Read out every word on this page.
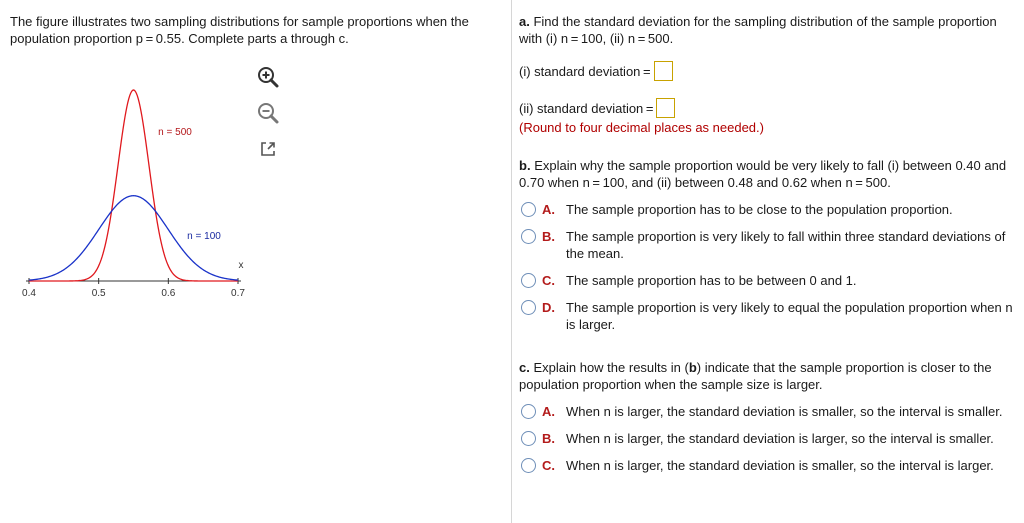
The figure illustrates two sampling distributions for sample proportions when the population proportion p = 0.55. Complete parts a through c.

0.4	0.5	0.6	0.7
x
n = 500
n = 100

a. Find the standard deviation for the sampling distribution of the sample proportion with (i) n = 100, (ii) n = 500.

(i) standard deviation =
(ii) standard deviation =

(Round to four decimal places as needed.)

b. Explain why the sample proportion would be very likely to fall (i) between 0.40 and 0.70 when n = 100, and (ii) between 0.48 and 0.62 when n = 500.

A. The sample proportion has to be close to the population proportion.
B. The sample proportion is very likely to fall within three standard deviations of the mean.
C. The sample proportion has to be between 0 and 1.
D. The sample proportion is very likely to equal the population proportion when n is larger.

c. Explain how the results in (b) indicate that the sample proportion is closer to the population proportion when the sample size is larger.

A. When n is larger, the standard deviation is smaller, so the interval is smaller.
B. When n is larger, the standard deviation is larger, so the interval is smaller.
C. When n is larger, the standard deviation is smaller, so the interval is larger.
